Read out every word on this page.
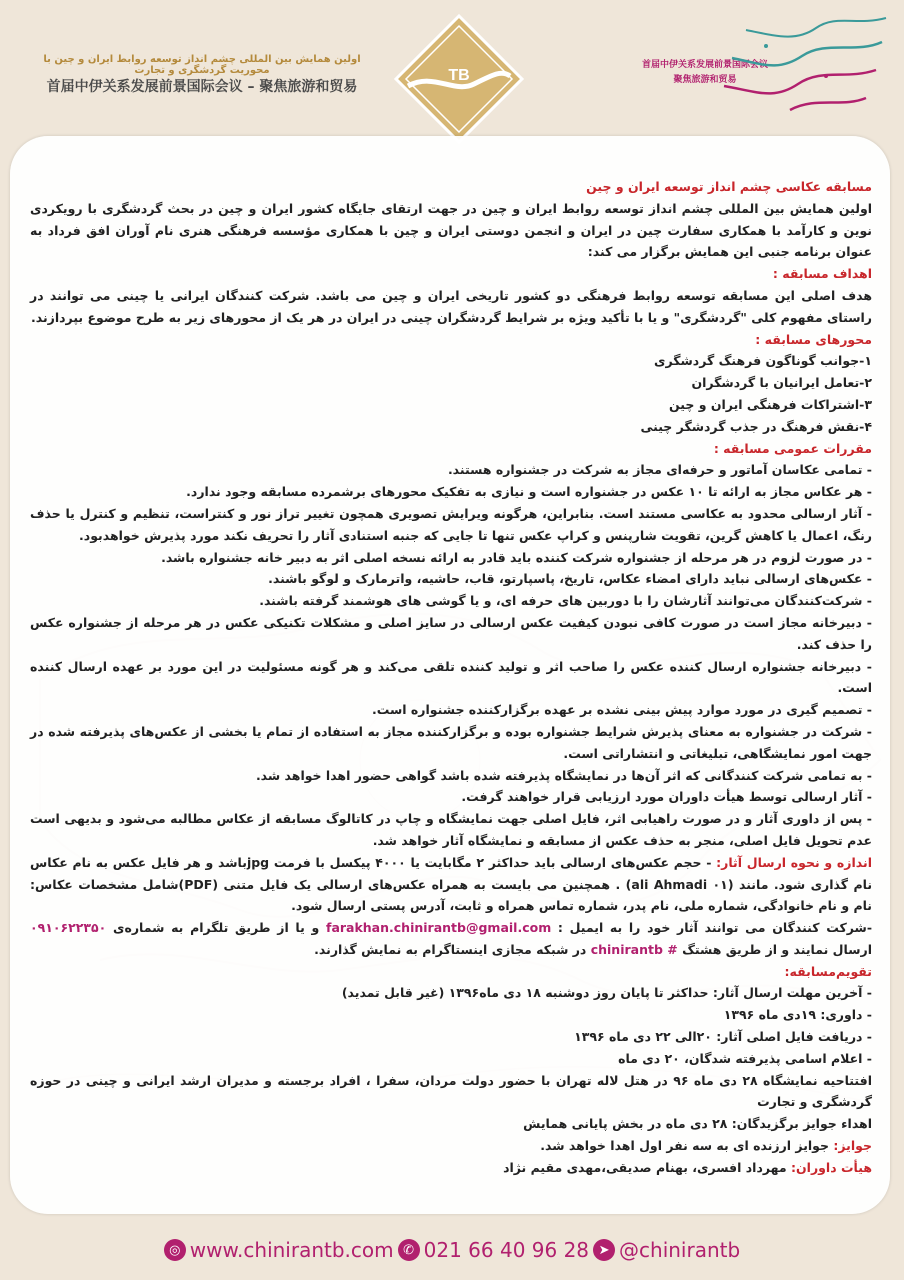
اولین همایش بین المللی چشم انداز توسعه روابط ایران و چین با محوریت گردشگری و تجارت
首届中伊关系发展前景国际会议 – 聚焦旅游和贸易
TB
首届中伊关系发展前景国际会议
聚焦旅游和贸易

مسابقه عکاسی چشم انداز توسعه ایران و چین

اولین همایش بین المللی چشم انداز توسعه روابط ایران و چین در جهت ارتقای جایگاه کشور ایران و چین در بحث گردشگری با رویکردی نوین و کارآمد با همکاری سفارت چین در ایران و انجمن دوستی ایران و چین با همکاری مؤسسه فرهنگی هنری نام آوران افق فرداد به عنوان برنامه جنبی این همایش برگزار می کند:

اهداف مسابقه :

هدف اصلی این مسابقه توسعه روابط فرهنگی دو کشور تاریخی ایران و چین می باشد. شرکت کنندگان ایرانی یا چینی می توانند در راستای مفهوم کلی "گردشگری" و یا با تأکید ویژه بر شرایط گردشگران چینی در ایران در هر یک از محورهای زیر به طرح موضوع بپردازند.

محورهای مسابقه :

۱-جوانب گوناگون فرهنگ گردشگری

۲-تعامل ایرانیان با گردشگران

۳-اشتراکات فرهنگی ایران و چین

۴-نقش فرهنگ در جذب گردشگر چینی

مقررات عمومی مسابقه :

- تمامی عکاسان آماتور و حرفه‌ای مجاز به شرکت در جشنواره هستند.

- هر عکاس مجاز به ارائه تا ۱۰ عکس در جشنواره است و نیازی به تفکیک محورهای برشمرده مسابقه وجود ندارد.

- آثار ارسالی محدود به عکاسی مستند است. بنابراین، هرگونه ویرایش تصویری همچون تغییر تراز نور و کنتراست، تنظیم و کنترل یا حذف رنگ، اعمال یا کاهش گرین، تقویت شارپنس و کراپ عکس تنها تا جایی که جنبه استنادی آثار را تحریف نکند مورد پذیرش خواهدبود.

- در صورت لزوم در هر مرحله از جشنواره شرکت کننده باید قادر به ارائه نسخه اصلی اثر به دبیر خانه جشنواره باشد.

- عکس‌های ارسالی نباید دارای امضاء عکاس، تاریخ، پاسپارتو، قاب، حاشیه، واترمارک و لوگو باشند.

- شرکت‌کنندگان می‌توانند آثارشان را با دوربین های حرفه ای، و یا گوشی های هوشمند گرفته باشند.

- دبیرخانه مجاز است در صورت کافی نبودن کیفیت عکس ارسالی در سایز اصلی و مشکلات تکنیکی عکس در هر مرحله از جشنواره عکس را حذف کند.

- دبیرخانه جشنواره ارسال کننده عکس را صاحب اثر و تولید کننده تلقی می‌کند و هر گونه مسئولیت در این مورد بر عهده ارسال کننده است.

- تصمیم گیری در مورد موارد پیش بینی نشده بر عهده برگزارکننده جشنواره است.

- شرکت در جشنواره به معنای پذیرش شرایط جشنواره بوده و برگزارکننده مجاز به استفاده از تمام یا بخشی از عکس‌های پذیرفته شده در جهت امور نمایشگاهی، تبلیغاتی و انتشاراتی است.

- به تمامی شرکت کنندگانی که اثر آن‌ها در نمایشگاه پذیرفته شده باشد گواهی حضور اهدا خواهد شد.

- آثار ارسالی توسط هیأت داوران مورد ارزیابی قرار خواهند گرفت.

- پس از داوری آثار و در صورت راهیابی اثر، فایل اصلی جهت نمایشگاه و چاپ در کاتالوگ مسابقه از عکاس مطالبه می‌شود و بدیهی است عدم تحویل فایل اصلی، منجر به حذف عکس از مسابقه و نمایشگاه آثار خواهد شد.

اندازه و نحوه ارسال آثار: - حجم عکس‌های ارسالی باید حداکثر ۲ مگابایت یا ۴۰۰۰ پیکسل با فرمت jpgباشد و هر فایل عکس به نام عکاس نام گذاری شود. مانند (ali Ahmadi ۰۱) . همچنین می بایست به همراه عکس‌های ارسالی یک فایل متنی (PDF)شامل مشخصات عکاس: نام و نام خانوادگی، شماره ملی، نام پدر، شماره تماس همراه و ثابت، آدرس پستی ارسال شود.

-شرکت کنندگان می توانند آثار خود را به ایمیل : farakhan.chinirantb@gmail.com و یا از طریق تلگرام به شماره‌ی ۰۹۱۰۶۲۲۳۵۰ ارسال نمایند و از طریق هشتگ # chinirantb در شبکه مجازی اینستاگرام به نمایش گذارند.

تقویم‌مسابقه:

- آخرین مهلت ارسال آثار: حداکثر تا پایان روز دوشنبه ۱۸ دی ماه۱۳۹۶ (غیر قابل تمدید)

- داوری: ۱۹دی ماه ۱۳۹۶

- دریافت فایل اصلی آثار: ۲۰الی ۲۲ دی ماه ۱۳۹۶

- اعلام اسامی پذیرفته شدگان، ۲۰ دی ماه

افتتاحیه نمایشگاه ۲۸ دی ماه ۹۶ در هتل لاله تهران با حضور دولت مردان، سفرا ، افراد برجسته و مدیران ارشد ایرانی و چینی در حوزه گردشگری و تجارت

اهداء جوایز برگزیدگان: ۲۸ دی ماه در بخش پایانی همایش

جوایز: جوایز ارزنده ای به سه نفر اول اهدا خواهد شد.

هیأت داوران: مهرداد افسری، بهنام صدیقی،مهدی مقیم نژاد

◎ www.chinirantb.com ✆ 021 66 40 96 28 ➤ @chinirantb
